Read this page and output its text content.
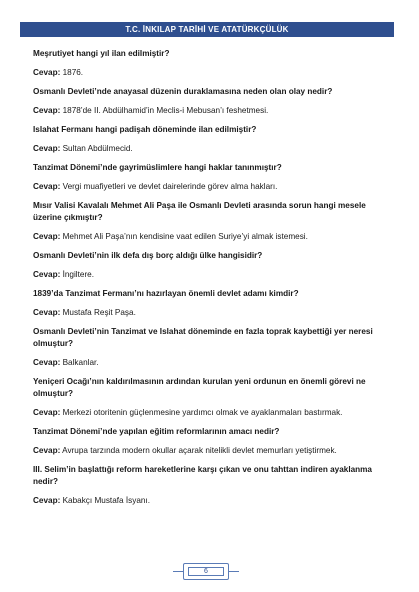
T.C. İNKILAP TARİHİ VE ATATÜRKÇÜLÜK

Meşrutiyet hangi yıl ilan edilmiştir?

Cevap: 1876.

Osmanlı Devleti’nde anayasal düzenin duraklamasına neden olan olay nedir?

Cevap: 1878’de II. Abdülhamid’in Meclis-i Mebusan’ı feshetmesi.

Islahat Fermanı hangi padişah döneminde ilan edilmiştir?

Cevap: Sultan Abdülmecid.

Tanzimat Dönemi’nde gayrimüslimlere hangi haklar tanınmıştır?

Cevap: Vergi muafiyetleri ve devlet dairelerinde görev alma hakları.

Mısır Valisi Kavalalı Mehmet Ali Paşa ile Osmanlı Devleti arasında sorun hangi mesele üzerine çıkmıştır?

Cevap: Mehmet Ali Paşa’nın kendisine vaat edilen Suriye’yi almak istemesi.

Osmanlı Devleti’nin ilk defa dış borç aldığı ülke hangisidir?

Cevap: İngiltere.

1839’da Tanzimat Fermanı’nı hazırlayan önemli devlet adamı kimdir?

Cevap: Mustafa Reşit Paşa.

Osmanlı Devleti’nin Tanzimat ve Islahat döneminde en fazla toprak kaybettiği yer neresi olmuştur?

Cevap: Balkanlar.

Yeniçeri Ocağı’nın kaldırılmasının ardından kurulan yeni ordunun en önemli görevi ne olmuştur?

Cevap: Merkezi otoritenin güçlenmesine yardımcı olmak ve ayaklanmaları bastırmak.

Tanzimat Dönemi’nde yapılan eğitim reformlarının amacı nedir?

Cevap: Avrupa tarzında modern okullar açarak nitelikli devlet memurları yetiştirmek.

III. Selim’in başlattığı reform hareketlerine karşı çıkan ve onu tahttan indiren ayaklanma nedir?

Cevap: Kabakçı Mustafa İsyanı.

6
